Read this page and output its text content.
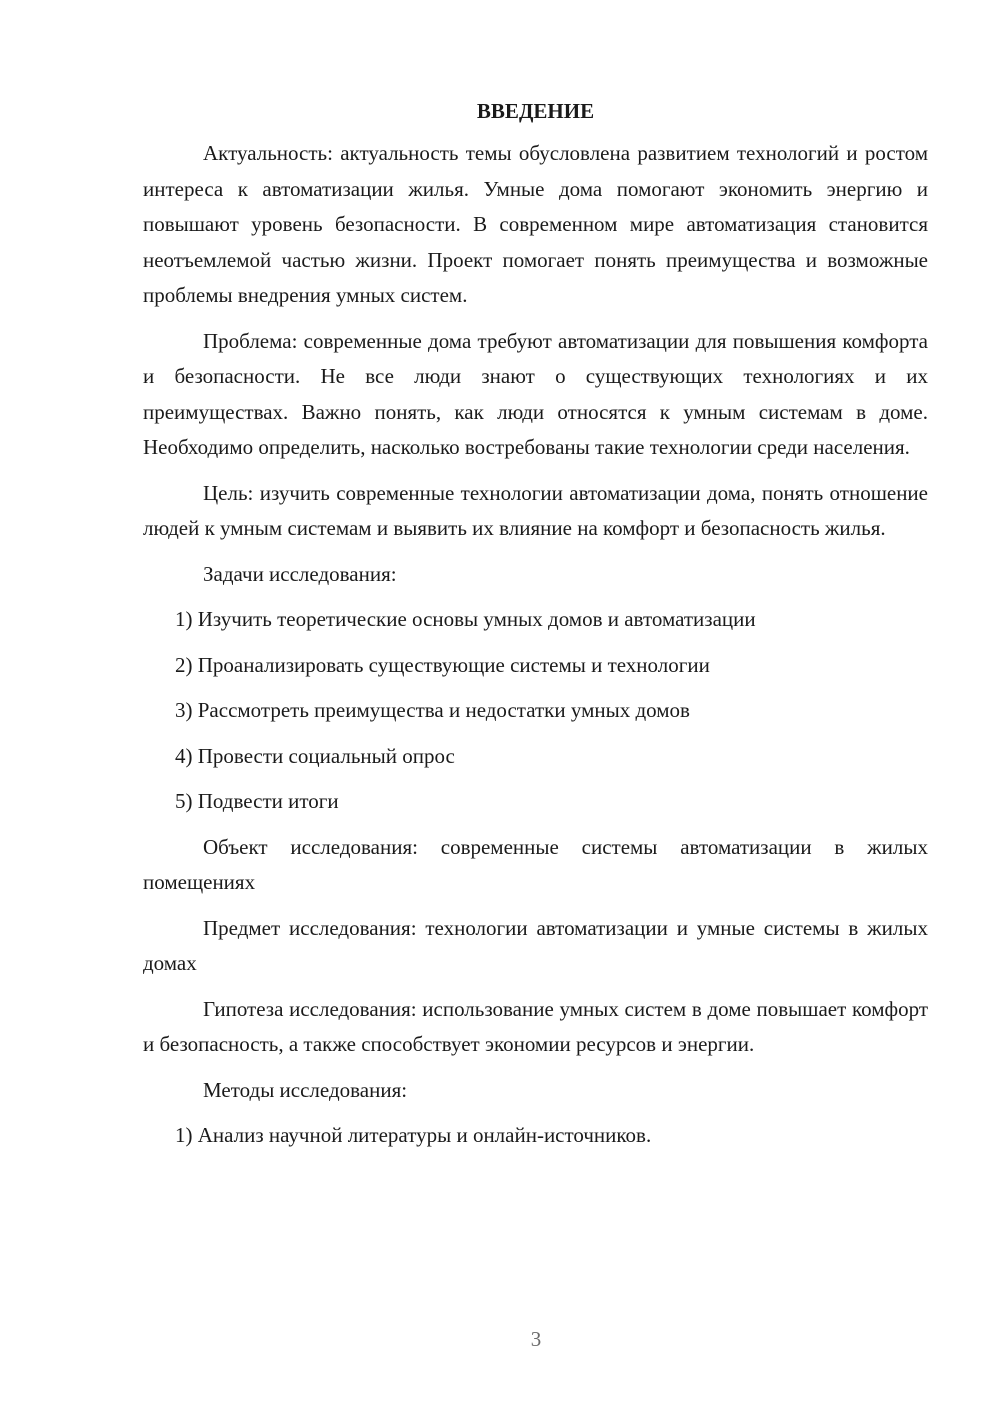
ВВЕДЕНИЕ

Актуальность: актуальность темы обусловлена развитием технологий и ростом интереса к автоматизации жилья. Умные дома помогают экономить энергию и повышают уровень безопасности. В современном мире автоматизация становится неотъемлемой частью жизни. Проект помогает понять преимущества и возможные проблемы внедрения умных систем.

Проблема: современные дома требуют автоматизации для повышения комфорта и безопасности. Не все люди знают о существующих технологиях и их преимуществах. Важно понять, как люди относятся к умным системам в доме. Необходимо определить, насколько востребованы такие технологии среди населения.

Цель: изучить современные технологии автоматизации дома, понять отношение людей к умным системам и выявить их влияние на комфорт и безопасность жилья.

Задачи исследования:

1) Изучить теоретические основы умных домов и автоматизации

2) Проанализировать существующие системы и технологии

3) Рассмотреть преимущества и недостатки умных домов

4) Провести социальный опрос

5) Подвести итоги

Объект исследования: современные системы автоматизации в жилых помещениях

Предмет исследования: технологии автоматизации и умные системы в жилых домах

Гипотеза исследования: использование умных систем в доме повышает комфорт и безопасность, а также способствует экономии ресурсов и энергии.

Методы исследования:

1) Анализ научной литературы и онлайн-источников.

3
